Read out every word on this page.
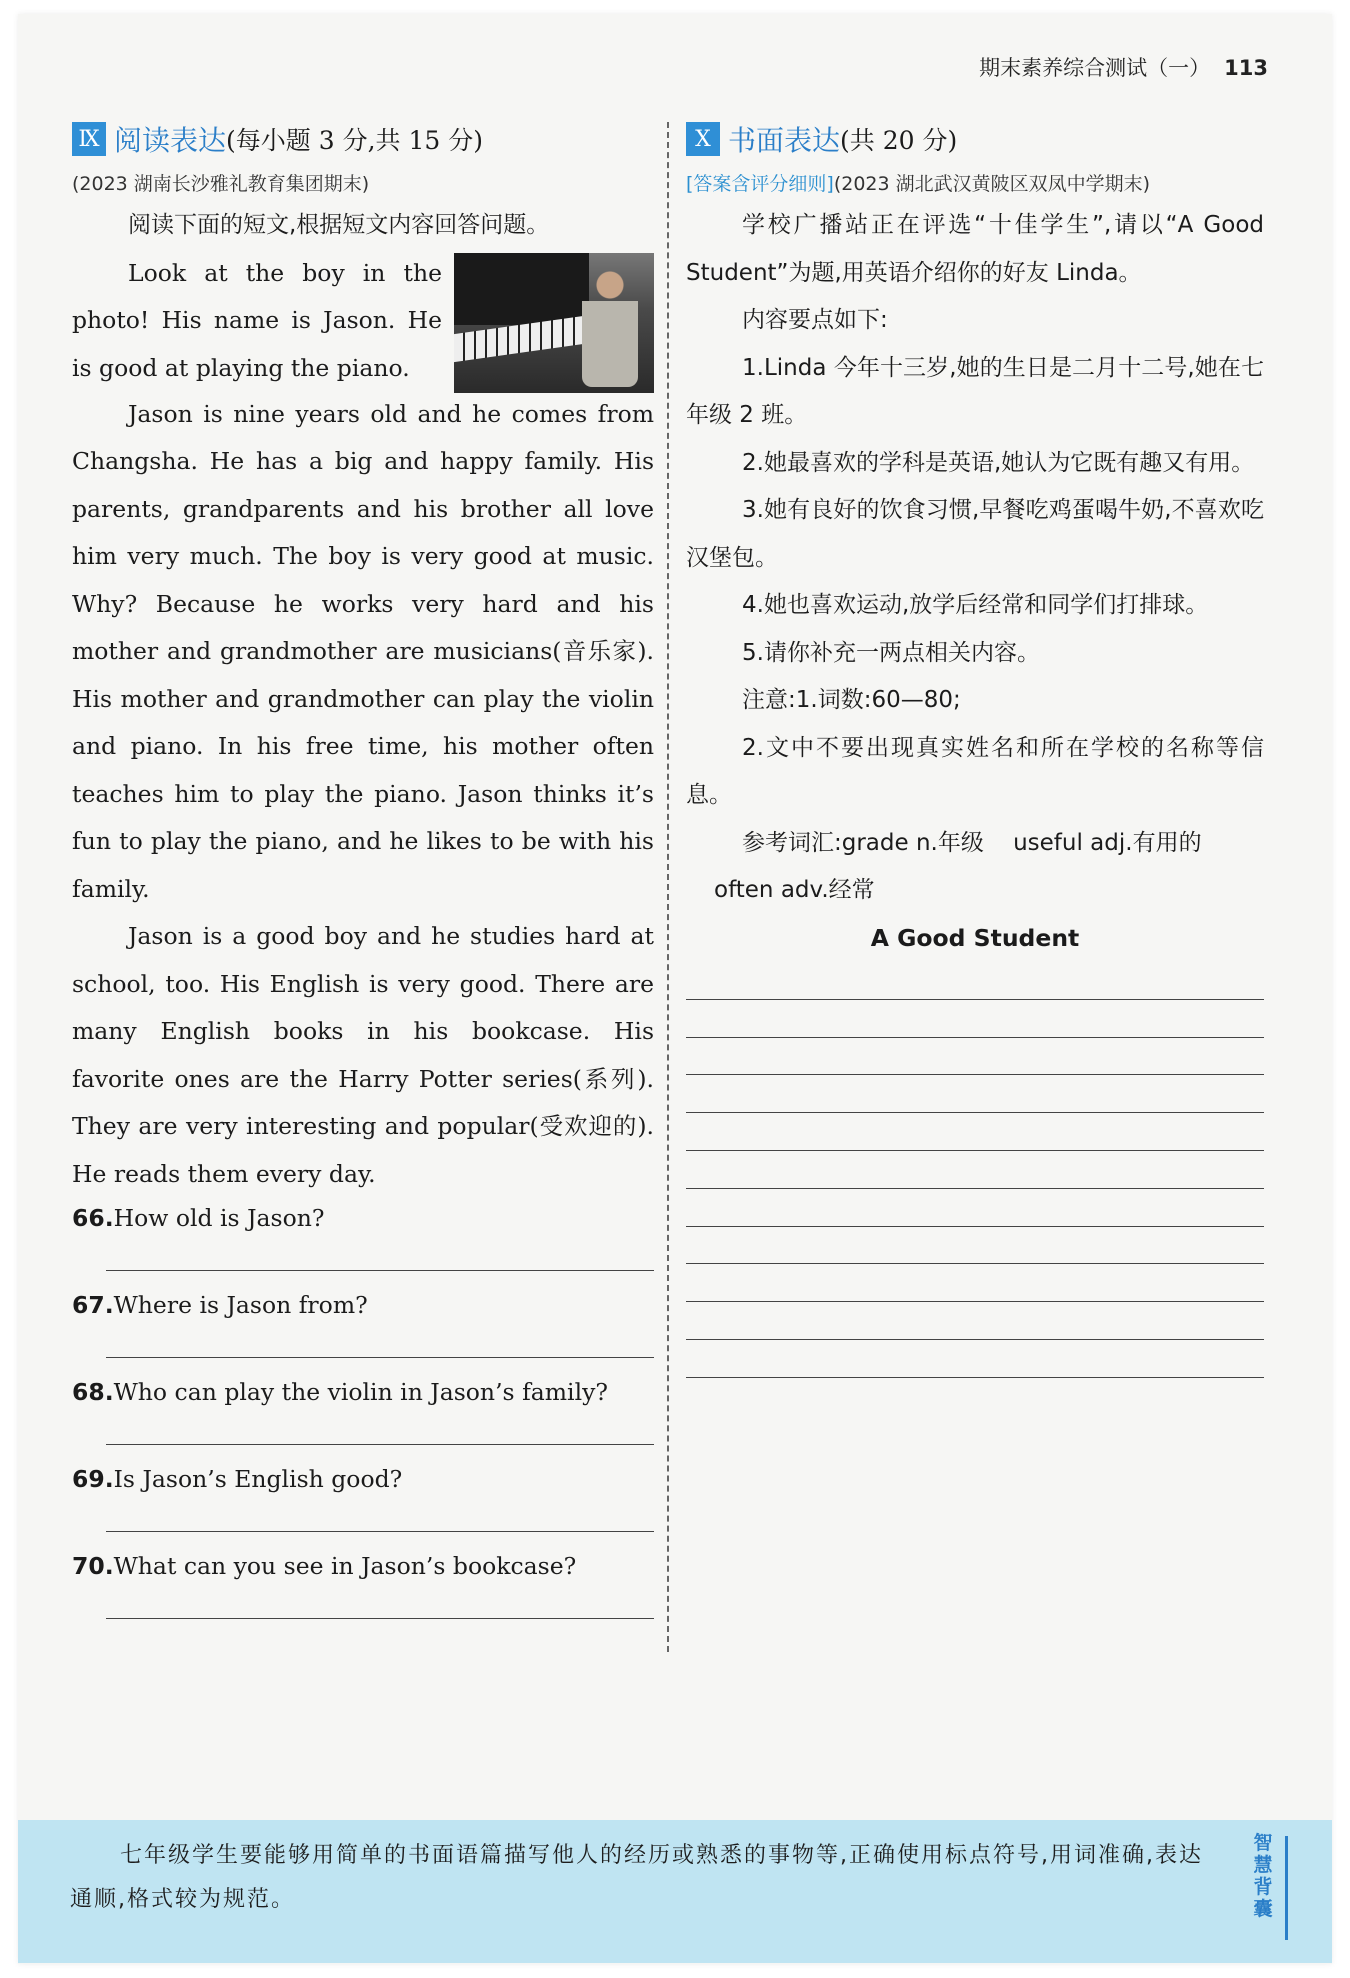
期末素养综合测试（一） 113
Ⅸ 阅读表达 (每小题 3 分,共 15 分)
(2023 湖南长沙雅礼教育集团期末)

阅读下面的短文,根据短文内容回答问题。

Look at the boy in the photo! His name is Jason. He is good at playing the piano.

Jason is nine years old and he comes from Changsha. He has a big and happy family. His parents, grandparents and his brother all love him very much. The boy is very good at music. Why? Because he works very hard and his mother and grandmother are musicians(音乐家). His mother and grandmother can play the violin and piano. In his free time, his mother often teaches him to play the piano. Jason thinks it’s fun to play the piano, and he likes to be with his family.

Jason is a good boy and he studies hard at school, too. His English is very good. There are many English books in his bookcase. His favorite ones are the Harry Potter series(系列). They are very interesting and popular(受欢迎的). He reads them every day.

66.How old is Jason?

67.Where is Jason from?

68.Who can play the violin in Jason’s family?

69.Is Jason’s English good?

70.What can you see in Jason’s bookcase?

Ⅹ 书面表达 (共 20 分)
[答案含评分细则](2023 湖北武汉黄陂区双凤中学期末)

学校广播站正在评选“十佳学生”,请以“A Good Student”为题,用英语介绍你的好友 Linda。

内容要点如下:

1.Linda 今年十三岁,她的生日是二月十二号,她在七年级 2 班。

2.她最喜欢的学科是英语,她认为它既有趣又有用。

3.她有良好的饮食习惯,早餐吃鸡蛋喝牛奶,不喜欢吃汉堡包。

4.她也喜欢运动,放学后经常和同学们打排球。

5.请你补充一两点相关内容。

注意:1.词数:60—80;

2.文中不要出现真实姓名和所在学校的名称等信息。

参考词汇:grade n.年级    useful adj.有用的

often adv.经常

A Good Student
七年级学生要能够用简单的书面语篇描写他人的经历或熟悉的事物等,正确使用标点符号,用词准确,表达通顺,格式较为规范。
智慧背囊
